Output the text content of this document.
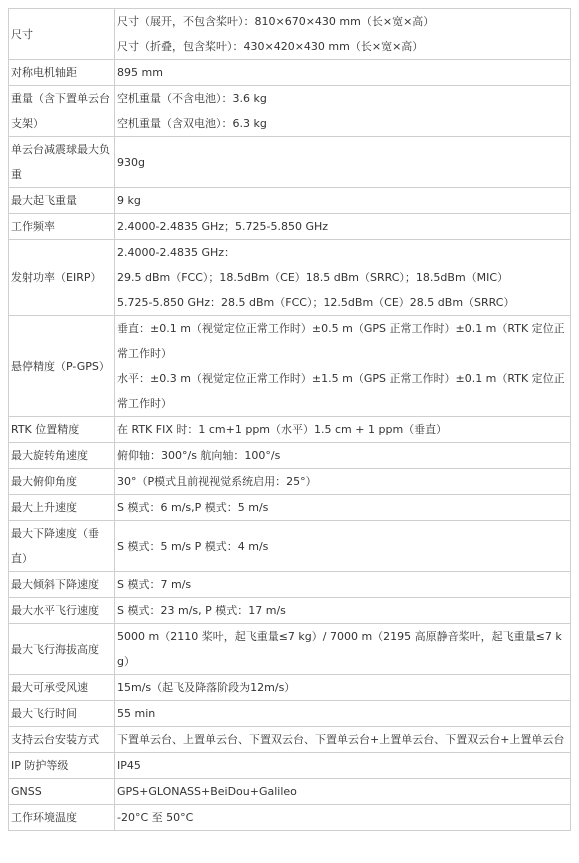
尺寸	尺寸（展开，不包含桨叶）：810×670×430 mm（长×宽×高）
尺寸（折叠，包含桨叶）：430×420×430 mm（长×宽×高）

对称电机轴距	895 mm

重量（含下置单云台支架）	空机重量（不含电池）：3.6 kg
空机重量（含双电池）：6.3 kg

单云台减震球最大负重	930g

最大起飞重量	9 kg

工作频率	2.4000-2.4835 GHz；5.725-5.850 GHz

发射功率（EIRP）	2.4000-2.4835 GHz：
29.5 dBm（FCC）；18.5dBm（CE）18.5 dBm（SRRC）；18.5dBm（MIC）
5.725-5.850 GHz：28.5 dBm（FCC）；12.5dBm（CE）28.5 dBm（SRRC）

悬停精度（P-GPS）	垂直：±0.1 m（视觉定位正常工作时）±0.5 m（GPS 正常工作时）±0.1 m（RTK 定位正常工作时）
水平：±0.3 m（视觉定位正常工作时）±1.5 m（GPS 正常工作时）±0.1 m（RTK 定位正常工作时）

RTK 位置精度	在 RTK FIX 时：1 cm+1 ppm（水平）1.5 cm + 1 ppm（垂直）

最大旋转角速度	俯仰轴：300°/s 航向轴：100°/s

最大俯仰角度	30°（P模式且前视视觉系统启用：25°）

最大上升速度	S 模式：6 m/s,P 模式：5 m/s

最大下降速度（垂直）	S 模式：5 m/s P 模式：4 m/s

最大倾斜下降速度	S 模式：7 m/s

最大水平飞行速度	S 模式：23 m/s, P 模式：17 m/s

最大飞行海拔高度	5000 m（2110 桨叶，起飞重量≤7 kg）/ 7000 m（2195 高原静音桨叶，起飞重量≤7 kg）

最大可承受风速	15m/s（起飞及降落阶段为12m/s）

最大飞行时间	55 min

支持云台安装方式	下置单云台、上置单云台、下置双云台、下置单云台+上置单云台、下置双云台+上置单云台

IP 防护等级	IP45

GNSS	GPS+GLONASS+BeiDou+Galileo

工作环境温度	-20°C 至 50°C
